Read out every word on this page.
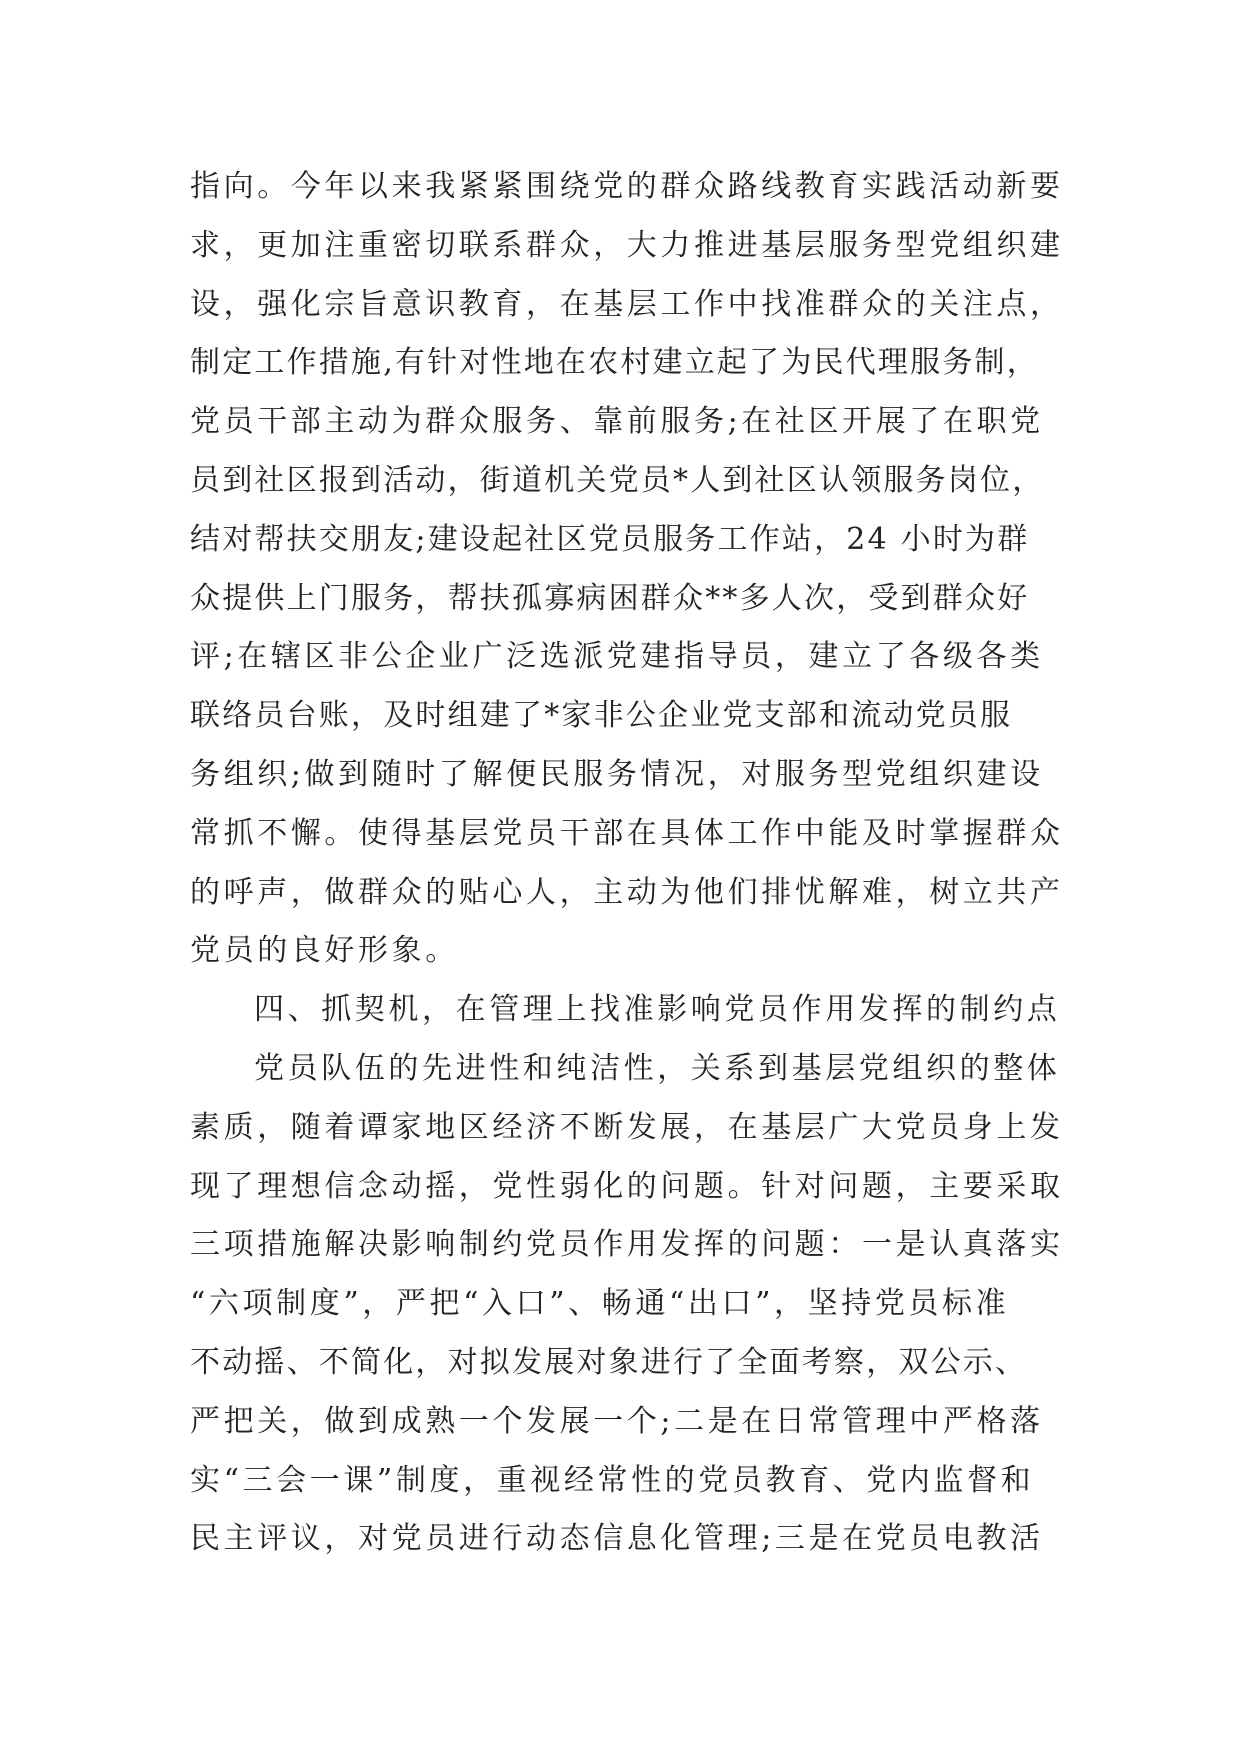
指向。今年以来我紧紧围绕党的群众路线教育实践活动新要
求，更加注重密切联系群众，大力推进基层服务型党组织建
设，强化宗旨意识教育，在基层工作中找准群众的关注点，
制定工作措施,有针对性地在农村建立起了为民代理服务制，
党员干部主动为群众服务、靠前服务;在社区开展了在职党
员到社区报到活动，街道机关党员*人到社区认领服务岗位，
结对帮扶交朋友;建设起社区党员服务工作站，24 小时为群
众提供上门服务，帮扶孤寡病困群众**多人次，受到群众好
评;在辖区非公企业广泛选派党建指导员，建立了各级各类
联络员台账，及时组建了*家非公企业党支部和流动党员服
务组织;做到随时了解便民服务情况，对服务型党组织建设
常抓不懈。使得基层党员干部在具体工作中能及时掌握群众
的呼声，做群众的贴心人，主动为他们排忧解难，树立共产
党员的良好形象。
四、抓契机，在管理上找准影响党员作用发挥的制约点
党员队伍的先进性和纯洁性，关系到基层党组织的整体
素质，随着谭家地区经济不断发展，在基层广大党员身上发
现了理想信念动摇，党性弱化的问题。针对问题，主要采取
三项措施解决影响制约党员作用发挥的问题：一是认真落实
“六项制度”，严把“入口”、畅通“出口”，坚持党员标准
不动摇、不简化，对拟发展对象进行了全面考察，双公示、
严把关，做到成熟一个发展一个;二是在日常管理中严格落
实“三会一课”制度，重视经常性的党员教育、党内监督和
民主评议，对党员进行动态信息化管理;三是在党员电教活
